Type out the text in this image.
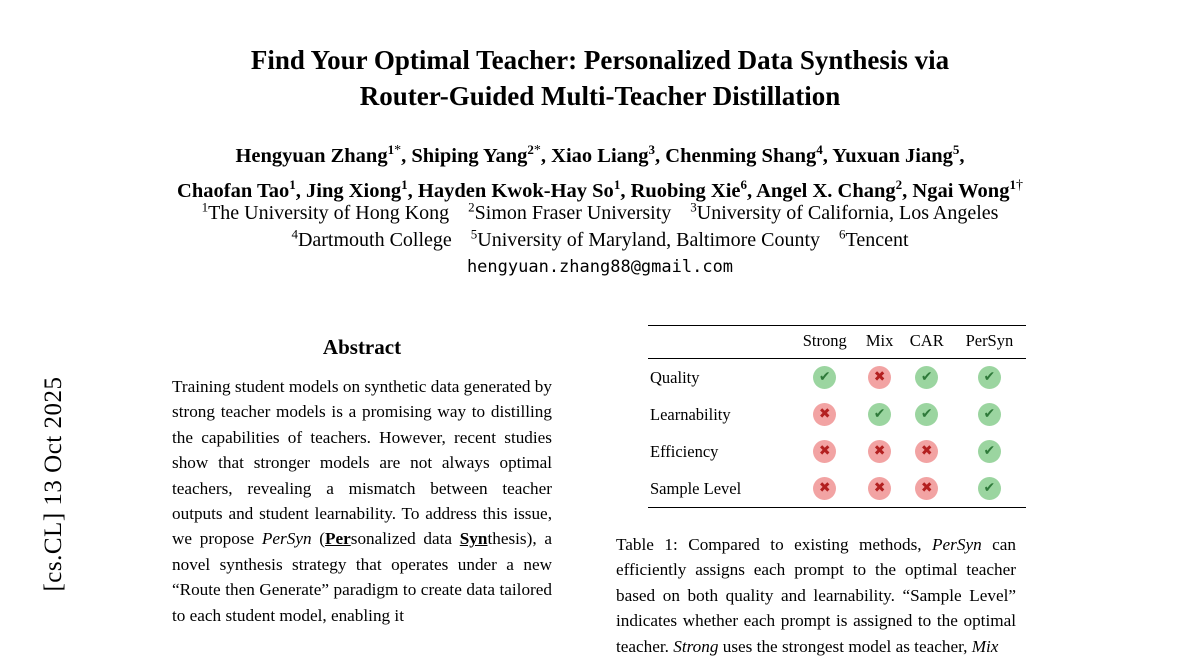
[cs.CL] 13 Oct 2025
Find Your Optimal Teacher: Personalized Data Synthesis via
Router-Guided Multi-Teacher Distillation
Hengyuan Zhang$^{1*}$, Shiping Yang$^{2*}$, Xiao Liang$^3$, Chenming Shang$^4$, Yuxuan Jiang$^5$,
Chaofan Tao$^1$, Jing Xiong$^1$, Hayden Kwok-Hay So$^1$, Ruobing Xie$^6$, Angel X. Chang$^2$, Ngai Wong$^{1\dagger}$
$^1$The University of Hong Kong $^2$Simon Fraser University $^3$University of California, Los Angeles
$^4$Dartmouth College $^5$University of Maryland, Baltimore County $^6$Tencent
hengyuan.zhang88@gmail.com
Abstract
Training student models on synthetic data generated by strong teacher models is a promising way to distilling the capabilities of teachers. However, recent studies show that stronger models are not always optimal teachers, revealing a mismatch between teacher outputs and student learnability. To address this issue, we propose PerSyn (Personalized data Synthesis), a novel synthesis strategy that operates under a new “Route then Generate” paradigm to create data tailored to each student model, enabling it
	Strong	Mix	CAR	PerSyn
Quality	✔	✖	✔	✔
Learnability	✖	✔	✔	✔
Efficiency	✖	✖	✖	✔
Sample Level	✖	✖	✖	✔
Table 1: Compared to existing methods, PerSyn can efficiently assigns each prompt to the optimal teacher based on both quality and learnability. “Sample Level” indicates whether each prompt is assigned to the optimal teacher. Strong uses the strongest model as teacher, Mix
